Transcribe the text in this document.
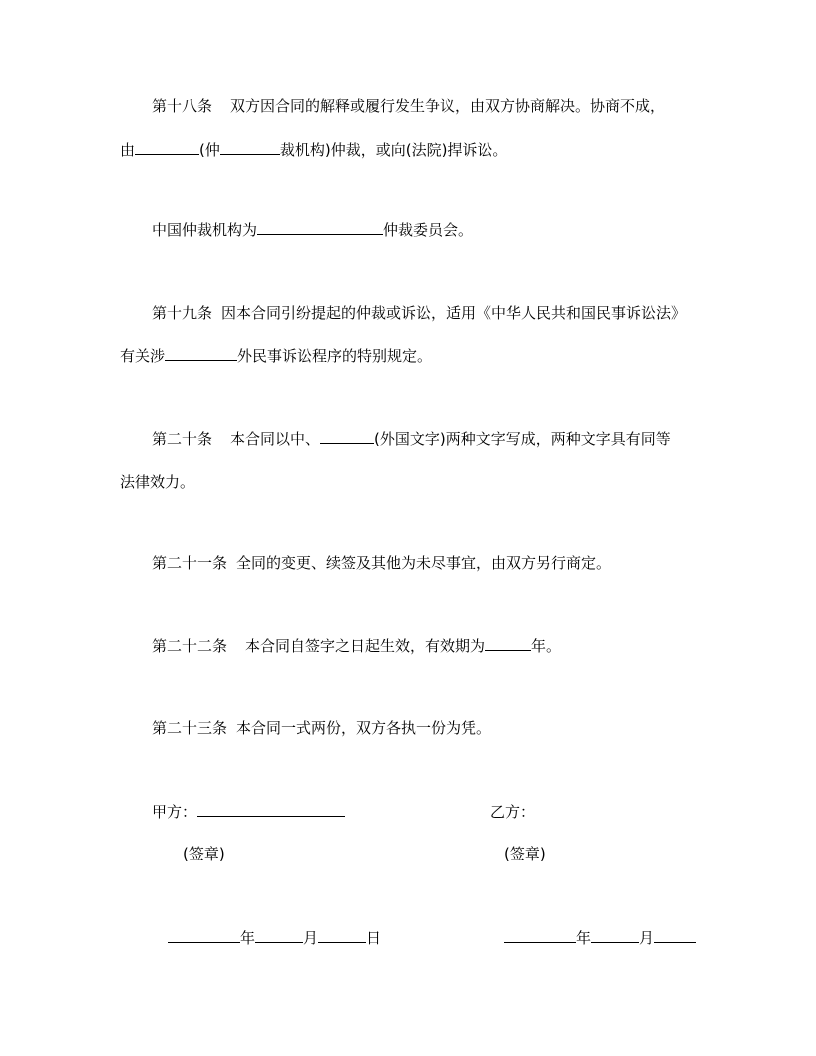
第十八条 双方因合同的解释或履行发生争议，由双方协商解决。协商不成，
由	(仲	裁机构)仲裁，或向(法院)捍诉讼。
中国仲裁机构为	仲裁委员会。
第十九条 因本合同引纷提起的仲裁或诉讼，适用《中华人民共和国民事诉讼法》
有关涉	外民事诉讼程序的特别规定。
第二十条 本合同以中、	(外国文字)两种文字写成，两种文字具有同等
法律效力。
第二十一条 全同的变更、续签及其他为未尽事宜，由双方另行商定。
第二十二条 本合同自签字之日起生效，有效期为	年。
第二十三条 本合同一式两份，双方各执一份为凭。
甲方：	乙方：
(签章)	(签章)
年	月	日	年	月
